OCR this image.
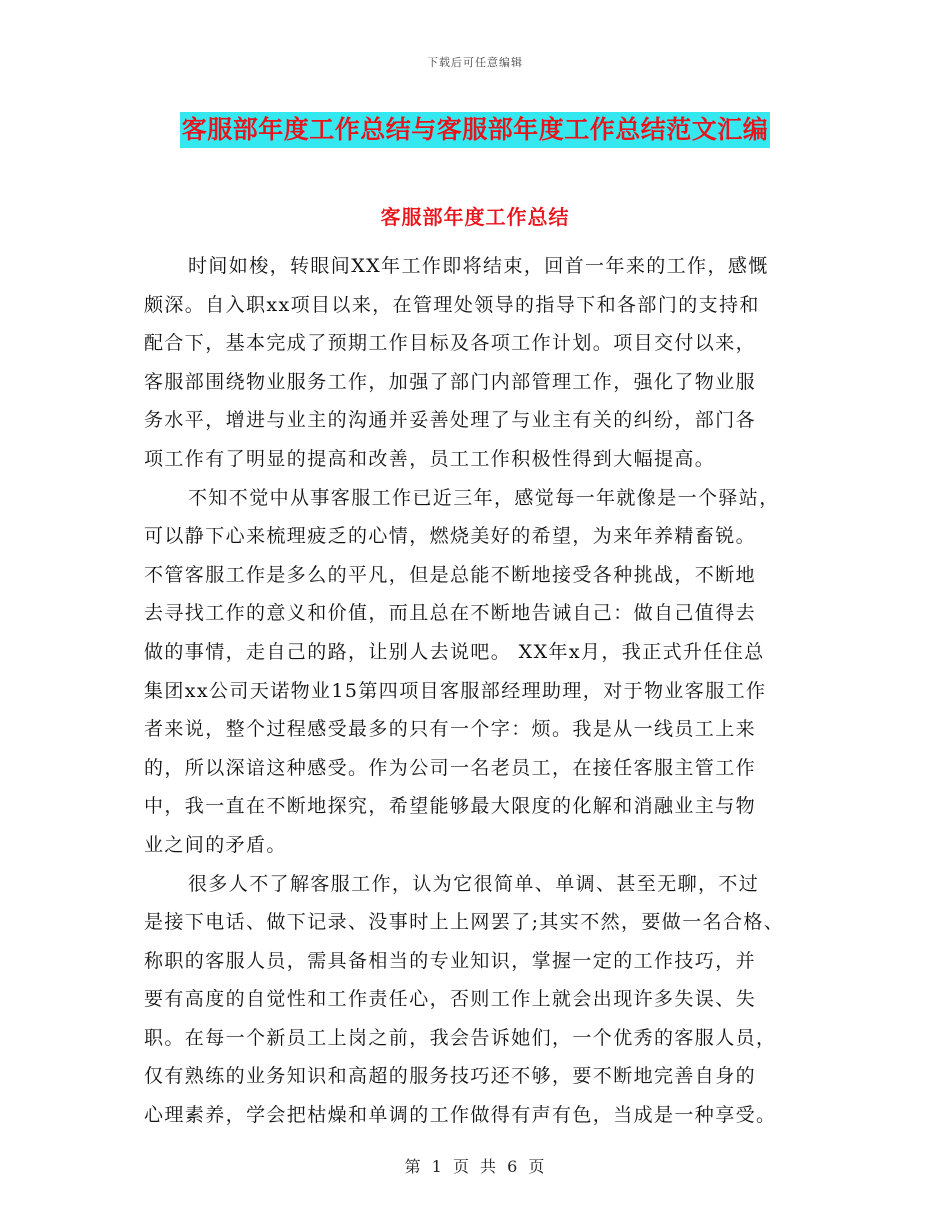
下载后可任意编辑
客服部年度工作总结与客服部年度工作总结范文汇编
客服部年度工作总结
时间如梭，转眼间XX年工作即将结束，回首一年来的工作，感慨
颇深。自入职xx项目以来，在管理处领导的指导下和各部门的支持和
配合下，基本完成了预期工作目标及各项工作计划。项目交付以来，
客服部围绕物业服务工作，加强了部门内部管理工作，强化了物业服
务水平，增进与业主的沟通并妥善处理了与业主有关的纠纷，部门各
项工作有了明显的提高和改善，员工工作积极性得到大幅提高。
不知不觉中从事客服工作已近三年，感觉每一年就像是一个驿站，
可以静下心来梳理疲乏的心情，燃烧美好的希望，为来年养精畜锐。
不管客服工作是多么的平凡，但是总能不断地接受各种挑战，不断地
去寻找工作的意义和价值，而且总在不断地告诫自己：做自己值得去
做的事情，走自己的路，让别人去说吧。 XX年x月，我正式升任住总
集团xx公司天诺物业15第四项目客服部经理助理，对于物业客服工作
者来说，整个过程感受最多的只有一个字：烦。我是从一线员工上来
的，所以深谙这种感受。作为公司一名老员工，在接任客服主管工作
中，我一直在不断地探究，希望能够最大限度的化解和消融业主与物
业之间的矛盾。
很多人不了解客服工作，认为它很简单、单调、甚至无聊，不过
是接下电话、做下记录、没事时上上网罢了;其实不然，要做一名合格、
称职的客服人员，需具备相当的专业知识，掌握一定的工作技巧，并
要有高度的自觉性和工作责任心，否则工作上就会出现许多失误、失
职。在每一个新员工上岗之前，我会告诉她们，一个优秀的客服人员，
仅有熟练的业务知识和高超的服务技巧还不够，要不断地完善自身的
心理素养，学会把枯燥和单调的工作做得有声有色，当成是一种享受。
第 1 页 共 6 页
